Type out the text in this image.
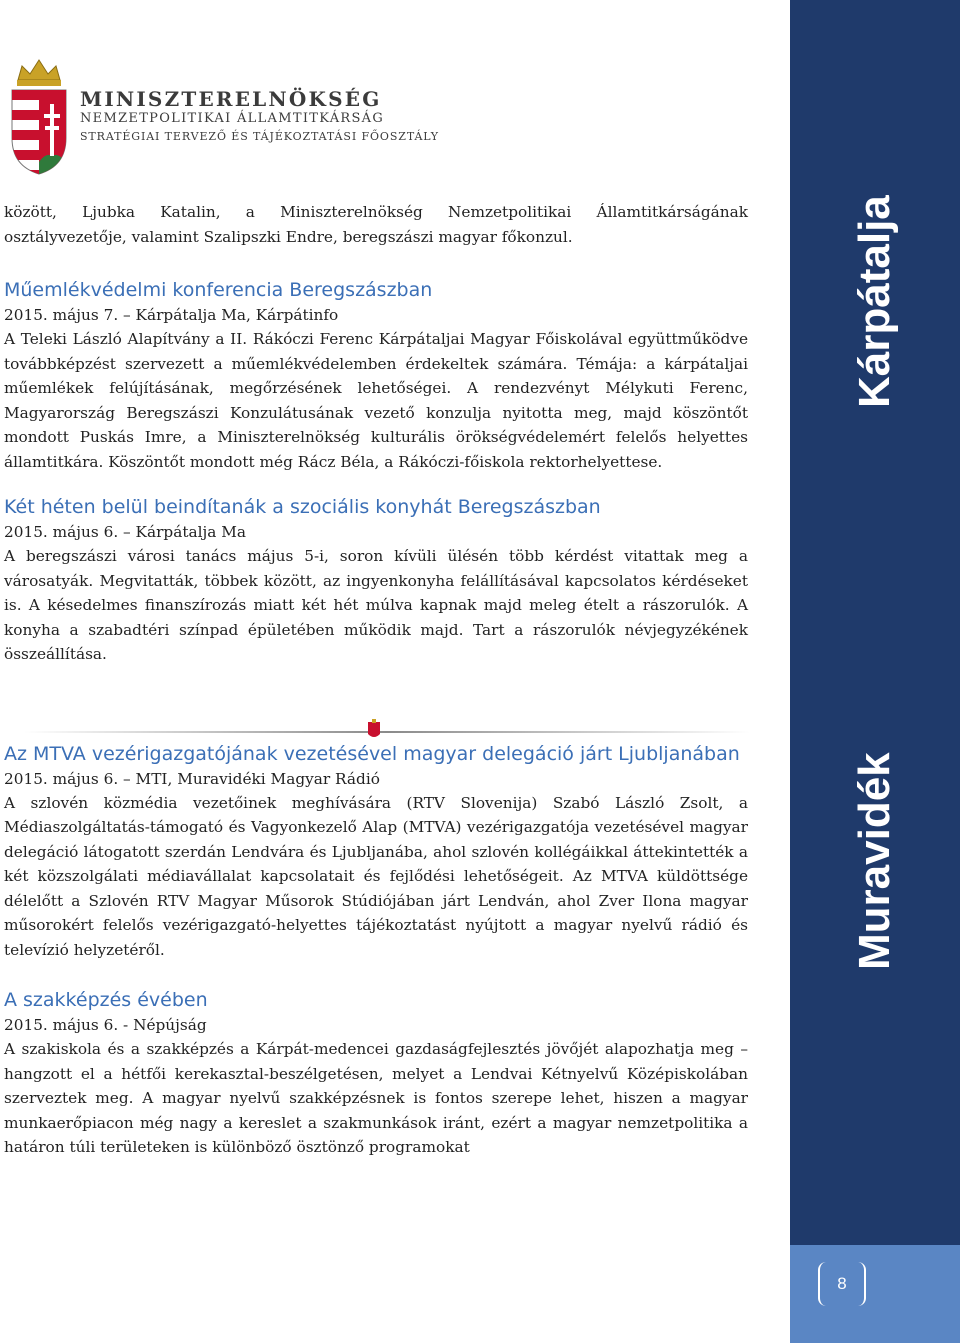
Kárpátalja
Muravidék
8
MINISZTERELNÖKSÉG
NEMZETPOLITIKAI ÁLLAMTITKÁRSÁG
STRATÉGIAI TERVEZŐ ÉS TÁJÉKOZTATÁSI FŐOSZTÁLY

között, Ljubka Katalin, a Miniszterelnökség Nemzetpolitikai Államtitkárságának osztályvezetője, valamint Szalipszki Endre, beregszászi magyar főkonzul.

Műemlékvédelmi konferencia Beregszászban

2015. május 7. – Kárpátalja Ma, Kárpátinfo

A Teleki László Alapítvány a II. Rákóczi Ferenc Kárpátaljai Magyar Főiskolával együttműködve továbbképzést szervezett a műemlékvédelemben érdekeltek számára. Témája: a kárpátaljai műemlékek felújításának, megőrzésének lehetőségei. A rendezvényt Mélykuti Ferenc, Magyarország Beregszászi Konzulátusának vezető konzulja nyitotta meg, majd köszöntőt mondott Puskás Imre, a Miniszterelnökség kulturális örökségvédelemért felelős helyettes államtitkára. Köszöntőt mondott még Rácz Béla, a Rákóczi-főiskola rektorhelyettese.

Két héten belül beindítanák a szociális konyhát Beregszászban

2015. május 6. – Kárpátalja Ma

A beregszászi városi tanács május 5-i, soron kívüli ülésén több kérdést vitattak meg a városatyák. Megvitatták, többek között, az ingyenkonyha felállításával kapcsolatos kérdéseket is. A késedelmes finanszírozás miatt két hét múlva kapnak majd meleg ételt a rászorulók. A konyha a szabadtéri színpad épületében működik majd. Tart a rászorulók névjegyzékének összeállítása.

Az MTVA vezérigazgatójának vezetésével magyar delegáció járt Ljubljanában

2015. május 6. – MTI, Muravidéki Magyar Rádió

A szlovén közmédia vezetőinek meghívására (RTV Slovenija) Szabó László Zsolt, a Médiaszolgáltatás-támogató és Vagyonkezelő Alap (MTVA) vezérigazgatója vezetésével magyar delegáció látogatott szerdán Lendvára és Ljubljanába, ahol szlovén kollégáikkal áttekintették a két közszolgálati médiavállalat kapcsolatait és fejlődési lehetőségeit. Az MTVA küldöttsége délelőtt a Szlovén RTV Magyar Műsorok Stúdiójában járt Lendván, ahol Zver Ilona magyar műsorokért felelős vezérigazgató-helyettes tájékoztatást nyújtott a magyar nyelvű rádió és televízió helyzetéről.

A szakképzés évében

2015. május 6. - Népújság

A szakiskola és a szakképzés a Kárpát-medencei gazdaságfejlesztés jövőjét alapozhatja meg – hangzott el a hétfői kerekasztal-beszélgetésen, melyet a Lendvai Kétnyelvű Középiskolában szerveztek meg. A magyar nyelvű szakképzésnek is fontos szerepe lehet, hiszen a magyar munkaerőpiacon még nagy a kereslet a szakmunkások iránt, ezért a magyar nemzetpolitika a határon túli területeken is különböző ösztönző programokat
